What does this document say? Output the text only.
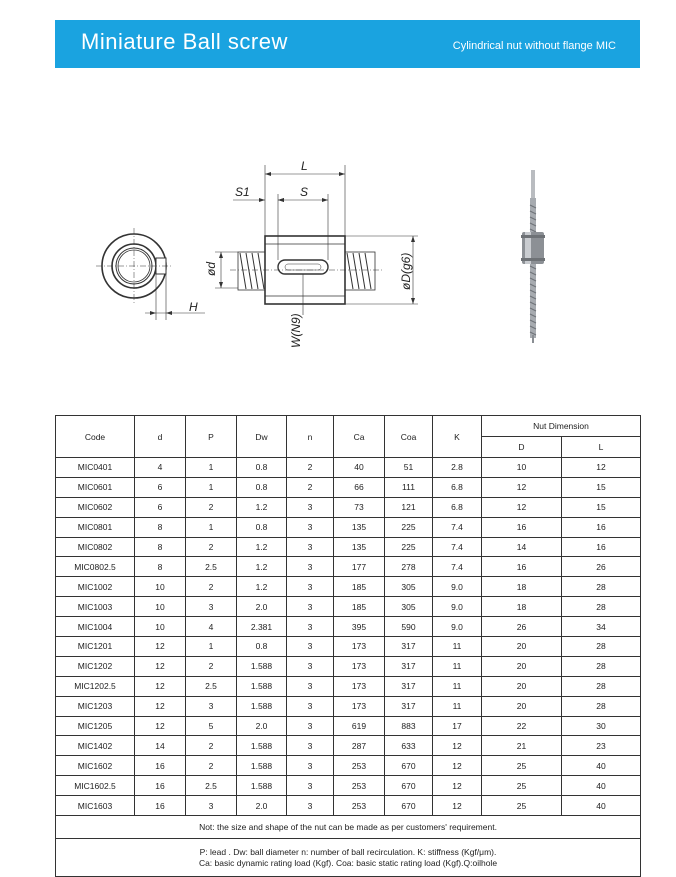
Miniature Ball screw	Cylindrical nut without flange MIC
H
L
S1	S
ød	øD(g6)
W(N9)
Code	d	P	Dw	n	Ca	Coa	K	Nut Dimension	
								D	L
MIC0401	4	1	0.8	2	40	51	2.8	10	12
MIC0601	6	1	0.8	2	66	111	6.8	12	15
MIC0602	6	2	1.2	3	73	121	6.8	12	15
MIC0801	8	1	0.8	3	135	225	7.4	16	16
MIC0802	8	2	1.2	3	135	225	7.4	14	16
MIC0802.5	8	2.5	1.2	3	177	278	7.4	16	26
MIC1002	10	2	1.2	3	185	305	9.0	18	28
MIC1003	10	3	2.0	3	185	305	9.0	18	28
MIC1004	10	4	2.381	3	395	590	9.0	26	34
MIC1201	12	1	0.8	3	173	317	11	20	28
MIC1202	12	2	1.588	3	173	317	11	20	28
MIC1202.5	12	2.5	1.588	3	173	317	11	20	28
MIC1203	12	3	1.588	3	173	317	11	20	28
MIC1205	12	5	2.0	3	619	883	17	22	30
MIC1402	14	2	1.588	3	287	633	12	21	23
MIC1602	16	2	1.588	3	253	670	12	25	40
MIC1602.5	16	2.5	1.588	3	253	670	12	25	40
MIC1603	16	3	2.0	3	253	670	12	25	40
Not: the size and shape of the nut can be made as per customers' requirement.									

P: lead . Dw: ball diameter n: number of ball recirculation. K: stiffness (Kgf/μm).
Ca: basic dynamic rating load (Kgf). Coa: basic static rating load (Kgf).Q:oilhole									
